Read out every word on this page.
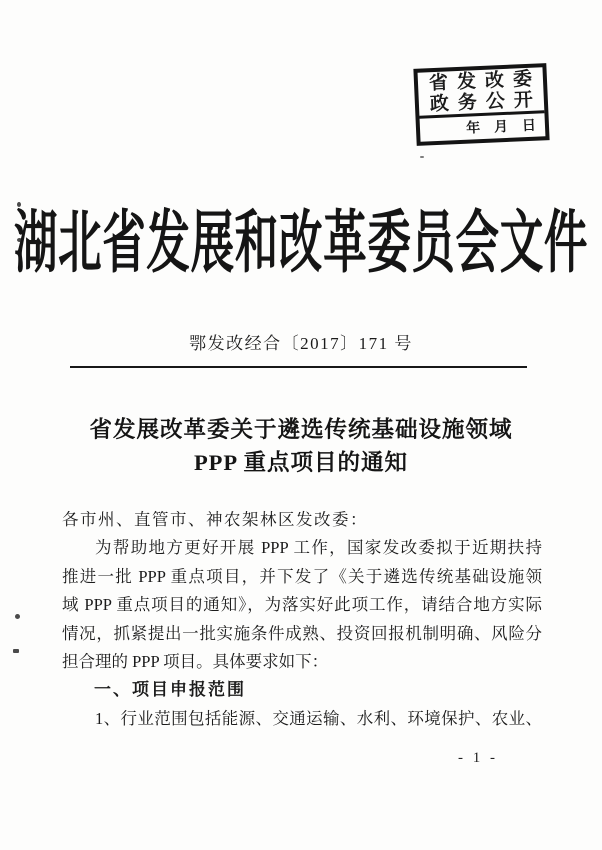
省发改委
政务公开
年 月 日
湖北省发展和改革委员会文件
鄂发改经合〔2017〕171 号
省发展改革委关于遴选传统基础设施领域
PPP 重点项目的通知
各市州、直管市、神农架林区发改委：
为帮助地方更好开展 PPP 工作，国家发改委拟于近期扶持
推进一批 PPP 重点项目，并下发了《关于遴选传统基础设施领
域 PPP 重点项目的通知》，为落实好此项工作，请结合地方实际
情况，抓紧提出一批实施条件成熟、投资回报机制明确、风险分
担合理的 PPP 项目。具体要求如下：
一、项目申报范围
1、行业范围包括能源、交通运输、水利、环境保护、农业、
- 1 -
